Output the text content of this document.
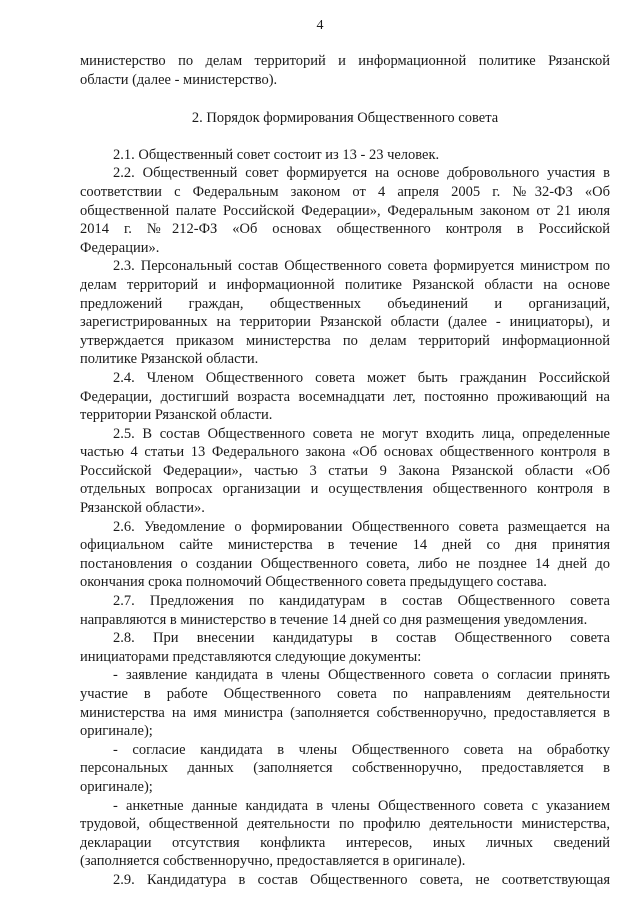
4
министерство по делам территорий и информационной политике Рязанской
области (далее - министерство).
2. Порядок формирования Общественного совета
2.1. Общественный совет состоит из 13 - 23 человек.
2.2. Общественный совет формируется на основе добровольного участия в
соответствии с Федеральным законом от 4 апреля 2005 г. №32-ФЗ «Об
общественной палате Российской Федерации», Федеральным законом от 21 июля
2014 г. №212-ФЗ «Об основах общественного контроля в Российской
Федерации».
2.3. Персональный состав Общественного совета формируется министром по
делам территорий и информационной политике Рязанской области на основе
предложений граждан, общественных объединений и организаций,
зарегистрированных на территории Рязанской области (далее - инициаторы), и
утверждается приказом министерства по делам территорий информационной
политике Рязанской области.
2.4. Членом Общественного совета может быть гражданин Российской
Федерации, достигший возраста восемнадцати лет, постоянно проживающий на
территории Рязанской области.
2.5. В состав Общественного совета не могут входить лица, определенные
частью 4 статьи 13 Федерального закона «Об основах общественного контроля в
Российской Федерации», частью 3 статьи 9 Закона Рязанской области «Об
отдельных вопросах организации и осуществления общественного контроля в
Рязанской области».
2.6. Уведомление о формировании Общественного совета размещается на
официальном сайте министерства в течение 14 дней со дня принятия
постановления о создании Общественного совета, либо не позднее 14 дней до
окончания срока полномочий Общественного совета предыдущего состава.
2.7. Предложения по кандидатурам в состав Общественного совета
направляются в министерство в течение 14 дней со дня размещения уведомления.
2.8. При внесении кандидатуры в состав Общественного совета
инициаторами представляются следующие документы:
- заявление кандидата в члены Общественного совета о согласии принять
участие в работе Общественного совета по направлениям деятельности
министерства на имя министра (заполняется собственноручно, предоставляется в
оригинале);
- согласие кандидата в члены Общественного совета на обработку
персональных данных (заполняется собственноручно, предоставляется в
оригинале);
- анкетные данные кандидата в члены Общественного совета с указанием
трудовой, общественной деятельности по профилю деятельности министерства,
декларации отсутствия конфликта интересов, иных личных сведений
(заполняется собственноручно, предоставляется в оригинале).
2.9. Кандидатура в состав Общественного совета, не соответствующая
